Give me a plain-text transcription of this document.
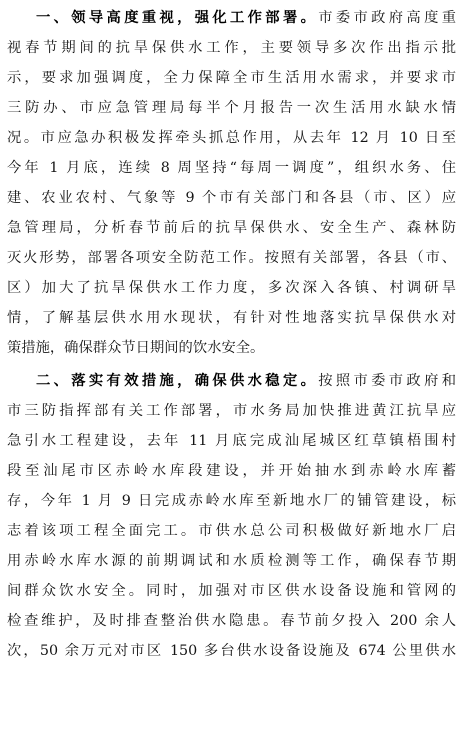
一、领导高度重视，强化工作部署。市委市政府高度重
视春节期间的抗旱保供水工作，主要领导多次作出指示批
示，要求加强调度，全力保障全市生活用水需求，并要求市
三防办、市应急管理局每半个月报告一次生活用水缺水情
况。市应急办积极发挥牵头抓总作用，从去年 12 月 10 日至
今年 1 月底，连续 8 周坚持“每周一调度”，组织水务、住
建、农业农村、气象等 9 个市有关部门和各县（市、区）应
急管理局，分析春节前后的抗旱保供水、安全生产、森林防
灭火形势，部署各项安全防范工作。按照有关部署，各县（市、
区）加大了抗旱保供水工作力度，多次深入各镇、村调研旱
情，了解基层供水用水现状，有针对性地落实抗旱保供水对
策措施，确保群众节日期间的饮水安全。
二、落实有效措施，确保供水稳定。按照市委市政府和
市三防指挥部有关工作部署，市水务局加快推进黄江抗旱应
急引水工程建设，去年 11 月底完成汕尾城区红草镇梧围村
段至汕尾市区赤岭水库段建设，并开始抽水到赤岭水库蓄
存，今年 1 月 9 日完成赤岭水库至新地水厂的铺管建设，标
志着该项工程全面完工。市供水总公司积极做好新地水厂启
用赤岭水库水源的前期调试和水质检测等工作，确保春节期
间群众饮水安全。同时，加强对市区供水设备设施和管网的
检查维护，及时排查整治供水隐患。春节前夕投入 200 余人
次，50 余万元对市区 150 多台供水设备设施及 674 公里供水
